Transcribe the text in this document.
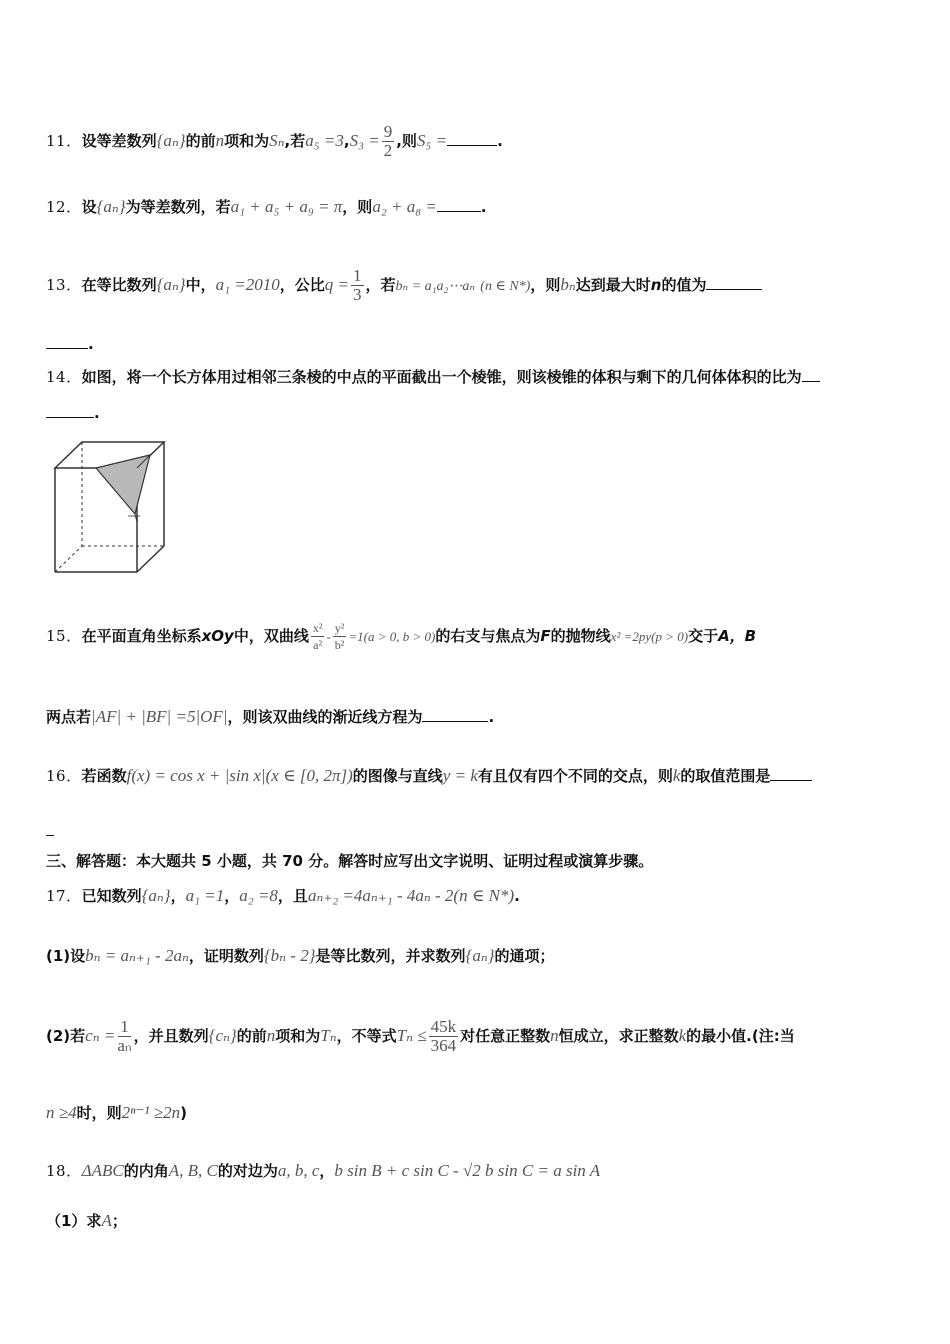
11．设等差数列{aₙ}的前n项和为Sₙ,若$a_5 =3,S_3 = \frac{9}{2}$ ,则S₅ =	.
12．设{aₙ}为等差数列，若a₁ + a₅ + a₉ = π，则a₂ + a₈ =	.
13．在等比数列{aₙ}中，a₁ =2010，公比$q = \frac{1}{3}$ ，若bₙ = a₁a₂⋯aₙ (n ∈ N*)，则bₙ达到最大时n的值为
.
14．如图，将一个长方体用过相邻三条棱的中点的平面截出一个棱锥，则该棱锥的体积与剩下的几何体体积的比为
.
15．在平面直角坐标系xOy中，双曲线 $\frac{\text{x²}}{\text{a²}} - \frac{\text{y²}}{\text{b²}} =1(a > 0$, b > 0)的右支与焦点为F的抛物线x² =2py(p > 0)交于A，B
两点若|AF| + |BF| =5|OF|，则该双曲线的渐近线方程为	.
16．若函数f(x) = cos x + |sin x|(x ∈ [0, 2π])的图像与直线y = k有且仅有四个不同的交点，则k的取值范围是
三、解答题：本大题共 5 小题，共 70 分。解答时应写出文字说明、证明过程或演算步骤。
17．已知数列{aₙ}，a₁ =1，a₂ =8，且aₙ₊₂ =4aₙ₊₁ - 4aₙ - 2(n ∈ N*).
(1)设bₙ = aₙ₊₁ - 2aₙ，证明数列{bₙ - 2}是等比数列，并求数列{aₙ}的通项；
(2)若$c_n = \frac{1}{\text{aₙ}}$ ，并且数列{cₙ}的前n项和为Tₙ，不等式$T_n \le \frac{45k}{364}$ 对任意正整数n恒成立，求正整数k的最小值.(注:当
n ≥4时，则2ⁿ⁻¹ ≥2n)
18．ΔABC的内角A, B, C的对边为a, b, c，b sin B + c sin C - √2 b sin C = a sin A
（1）求A；
